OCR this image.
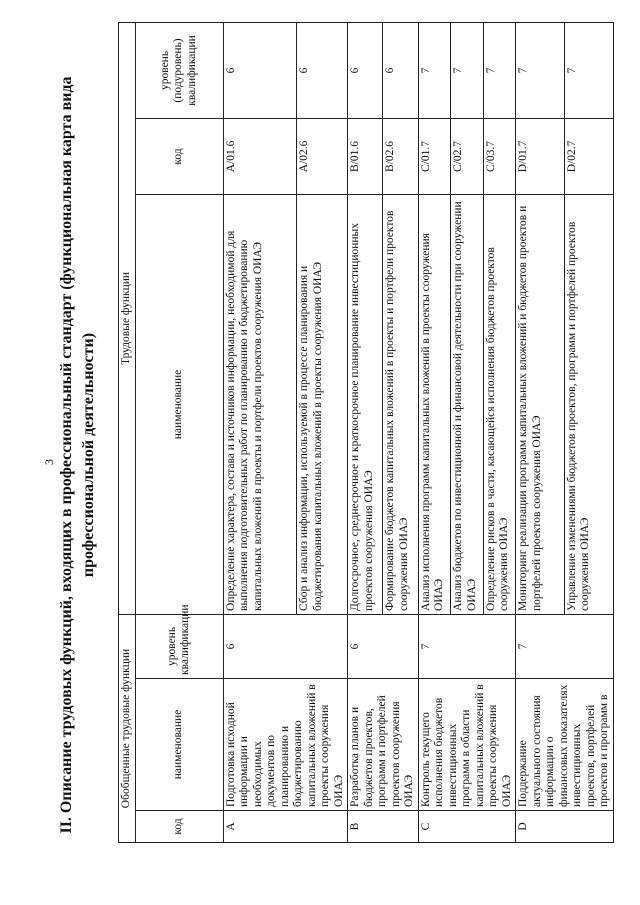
3 II. Описание трудовых функций, входящих в профессиональный стандарт (функциональная карта вида профессиональной деятельности)
Обобщенные трудовые функции			Трудовые функции		
код	наименование	уровень квалификации	наименование	код	уровень (подуровень) квалификации
A	Подготовка исходной информации и необходимых документов по планированию и бюджетированию капитальных вложений в проекты сооружения ОИАЭ	6	Определение характера, состава и источников информации, необходимой для выполнения подготовительных работ по планированию и бюджетированию капитальных вложений в проекты и портфели проектов сооружения ОИАЭ	A/01.6	6
			Сбор и анализ информации, используемой в процессе планирования и бюджетирования капитальных вложений в проекты сооружения ОИАЭ	A/02.6	6
B	Разработка планов и бюджетов проектов, программ и портфелей проектов сооружения ОИАЭ	6	Долгосрочное, среднесрочное и краткосрочное планирование инвестиционных проектов сооружения ОИАЭ	B/01.6	6
			Формирование бюджетов капитальных вложений в проекты и портфели проектов сооружения ОИАЭ	B/02.6	6
C	Контроль текущего исполнения бюджетов инвестиционных программ в области капитальных вложений в проекты сооружения ОИАЭ	7	Анализ исполнения программ капитальных вложений в проекты сооружения ОИАЭ	C/01.7	7
			Анализ бюджетов по инвестиционной и финансовой деятельности при сооружении ОИАЭ	C/02.7	7
			Определение рисков в части, касающейся исполнения бюджетов проектов сооружения ОИАЭ	C/03.7	7
D	Поддержание актуального состояния информации о финансовых показателях инвестиционных проектов, портфелей проектов и программ в	7	Мониторинг реализации программ капитальных вложений и бюджетов проектов и портфелей проектов сооружения ОИАЭ	D/01.7	7
			Управление изменениями бюджетов проектов, программ и портфелей проектов сооружения ОИАЭ	D/02.7	7
